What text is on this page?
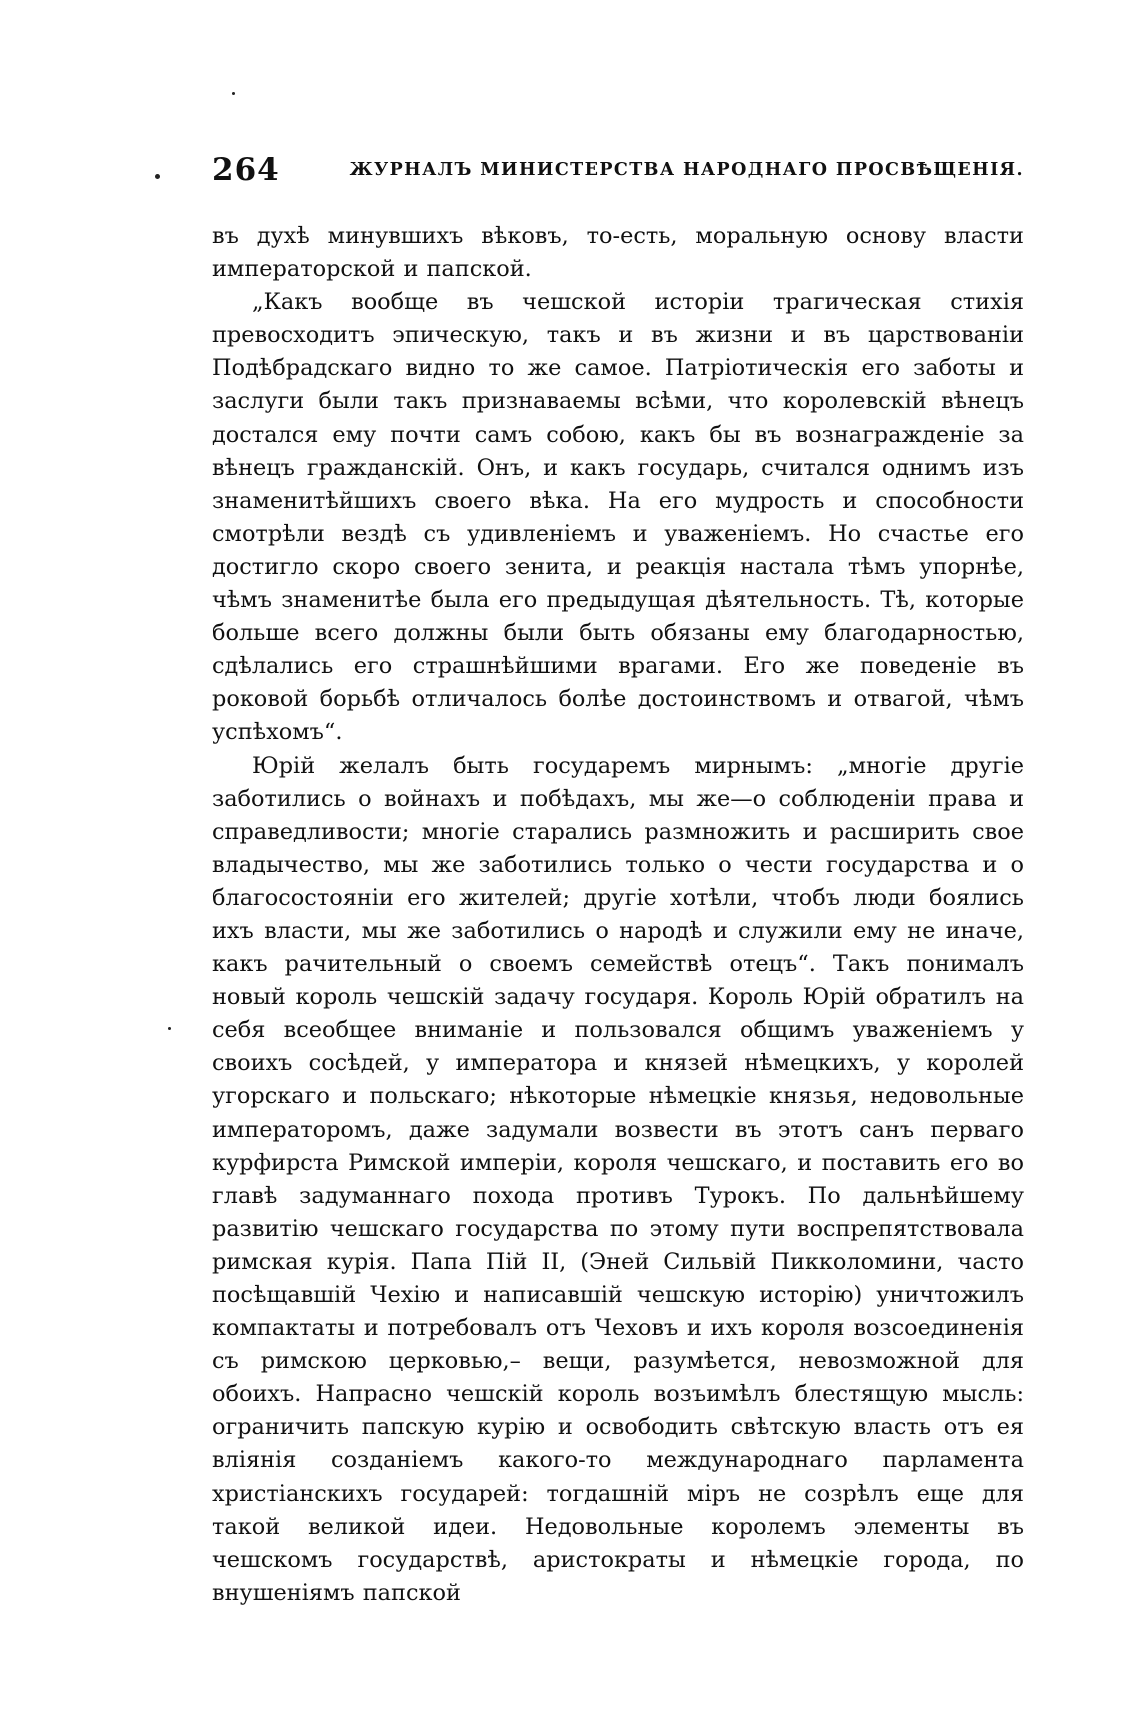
264	ЖУРНАЛЪ МИНИСТЕРСТВА НАРОДНАГО ПРОСВѢЩЕНІЯ.

въ духѣ минувшихъ вѣковъ, то-есть, моральную основу власти императорской и папской.

„Какъ вообще въ чешской исторіи трагическая стихія превосходитъ эпическую, такъ и въ жизни и въ царствованіи Подѣбрадскаго видно то же самое. Патріотическія его заботы и заслуги были такъ признаваемы всѣми, что королевскій вѣнецъ достался ему почти самъ собою, какъ бы въ вознагражденіе за вѣнецъ гражданскій. Онъ, и какъ государь, считался однимъ изъ знаменитѣйшихъ своего вѣка. На его мудрость и способности смотрѣли вездѣ съ удивленіемъ и уваженіемъ. Но счастье его достигло скоро своего зенита, и реакція настала тѣмъ упорнѣе, чѣмъ знаменитѣе была его предыдущая дѣятельность. Тѣ, которые больше всего должны были быть обязаны ему благодарностью, сдѣлались его страшнѣйшими врагами. Его же поведеніе въ роковой борьбѣ отличалось болѣе достоинствомъ и отвагой, чѣмъ успѣхомъ“.

Юрій желалъ быть государемъ мирнымъ: „многіе другіе заботились о войнахъ и побѣдахъ, мы же—о соблюденіи права и справедливости; многіе старались размножить и расширить свое владычество, мы же заботились только о чести государства и о благосостояніи его жителей; другіе хотѣли, чтобъ люди боялись ихъ власти, мы же заботились о народѣ и служили ему не иначе, какъ рачительный о своемъ семействѣ отецъ“. Такъ понималъ новый король чешскій задачу государя. Король Юрій обратилъ на себя всеобщее вниманіе и пользовался общимъ уваженіемъ у своихъ сосѣдей, у императора и князей нѣмецкихъ, у королей угорскаго и польскаго; нѣкоторые нѣмецкіе князья, недовольные императоромъ, даже задумали возвести въ этотъ санъ перваго курфирста Римской имперіи, короля чешскаго, и поставить его во главѣ задуманнаго похода противъ Турокъ. По дальнѣйшему развитію чешскаго государства по этому пути воспрепятствовала римская курія. Папа Пій II, (Эней Сильвій Пикколомини, часто посѣщавшій Чехію и написавшій чешскую исторію) уничтожилъ компактаты и потребовалъ отъ Чеховъ и ихъ короля возсоединенія съ римскою церковью,– вещи, разумѣется, невозможной для обоихъ. Напрасно чешскій король возъимѣлъ блестящую мысль: ограничить папскую курію и освободить свѣтскую власть отъ ея вліянія созданіемъ какого-то международнаго парламента христіанскихъ государей: тогдашній міръ не созрѣлъ еще для такой великой идеи. Недовольные королемъ элементы въ чешскомъ государствѣ, аристократы и нѣмецкіе города, по внушеніямъ папской
